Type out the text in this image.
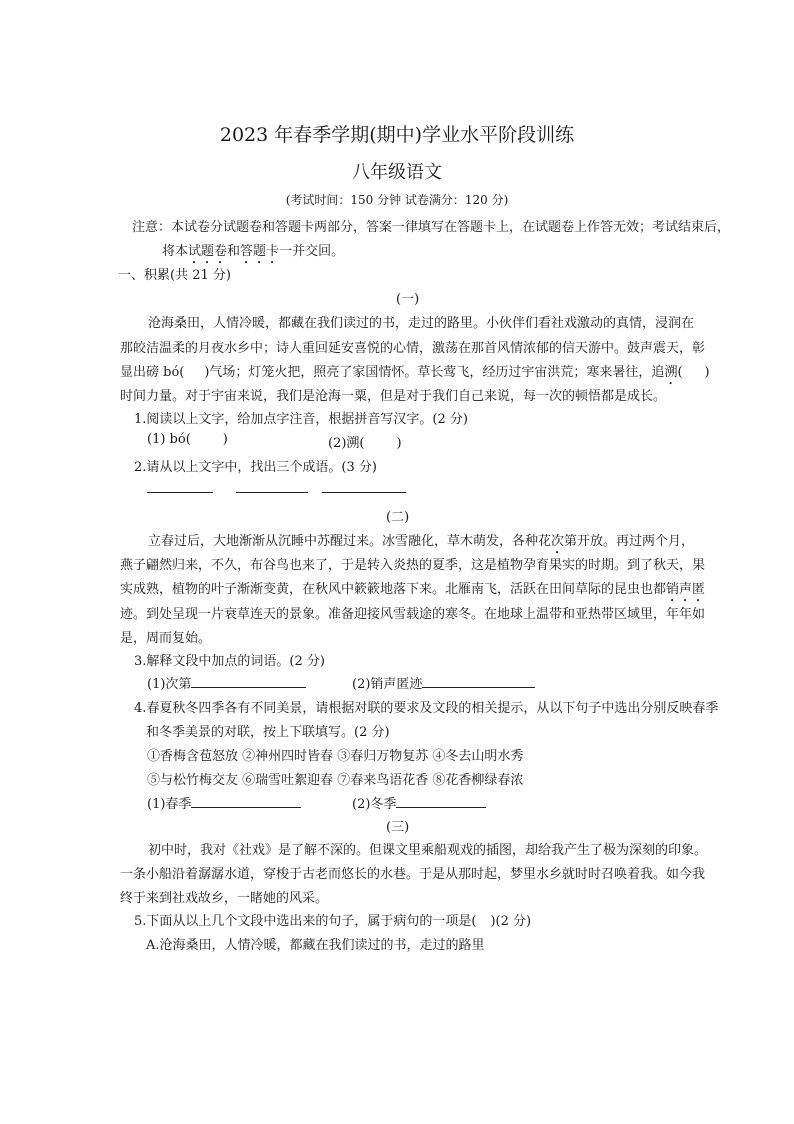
2023 年春季学期(期中)学业水平阶段训练
八年级语文
(考试时间：150 分钟 试卷满分：120 分)
注意：本试卷分试题卷和答题卡两部分，答案一律填写在答题卡上，在试题卷上作答无效；考试结束后，
将本试题卷和答题卡一并交回。
一、积累(共 21 分)
(一)
沧海桑田，人情冷暖，都藏在我们读过的书，走过的路里。小伙伴们看社戏激动的真情，浸润在
那皎洁温柔的月夜水乡中；诗人重回延安喜悦的心情，激荡在那首风情浓郁的信天游中。鼓声震天，彰
显出磅 bó( )气场；灯笼火把，照亮了家国情怀。草长莺飞，经历过宇宙洪荒；寒来暑往，追溯( )
时间力量。对于宇宙来说，我们是沧海一粟，但是对于我们自己来说，每一次的顿悟都是成长。
1.阅读以上文字，给加点字注音，根据拼音写汉字。(2 分)
(1) bó( )	(2)溯( )
2.请从以上文字中，找出三个成语。(3 分)
(二)
立春过后，大地渐渐从沉睡中苏醒过来。冰雪融化，草木萌发，各种花次第开放。再过两个月，
燕子翩然归来，不久，布谷鸟也来了，于是转入炎热的夏季，这是植物孕育果实的时期。到了秋天，果
实成熟，植物的叶子渐渐变黄，在秋风中簌簌地落下来。北雁南飞，活跃在田间草际的昆虫也都销声匿
迹。到处呈现一片衰草连天的景象。准备迎接风雪载途的寒冬。在地球上温带和亚热带区域里，年年如
是，周而复始。
3.解释文段中加点的词语。(2 分)
(1)次第	(2)销声匿迹
4.春夏秋冬四季各有不同美景，请根据对联的要求及文段的相关提示，从以下句子中选出分别反映春季
和冬季美景的对联，按上下联填写。(2 分)
①香梅含苞怒放 ②神州四时皆春 ③春归万物复苏 ④冬去山明水秀
⑤与松竹梅交友 ⑥瑞雪吐絮迎春 ⑦春来鸟语花香 ⑧花香柳绿春浓
(1)春季	(2)冬季
(三)
初中时，我对《社戏》是了解不深的。但课文里乘船观戏的插图，却给我产生了极为深刻的印象。
一条小船沿着潺潺水道，穿梭于古老而悠长的水巷。于是从那时起，梦里水乡就时时召唤着我。如今我
终于来到社戏故乡，一睹她的风采。
5.下面从以上几个文段中选出来的句子，属于病句的一项是( )(2 分)
A.沧海桑田，人情冷暖，都藏在我们读过的书，走过的路里
